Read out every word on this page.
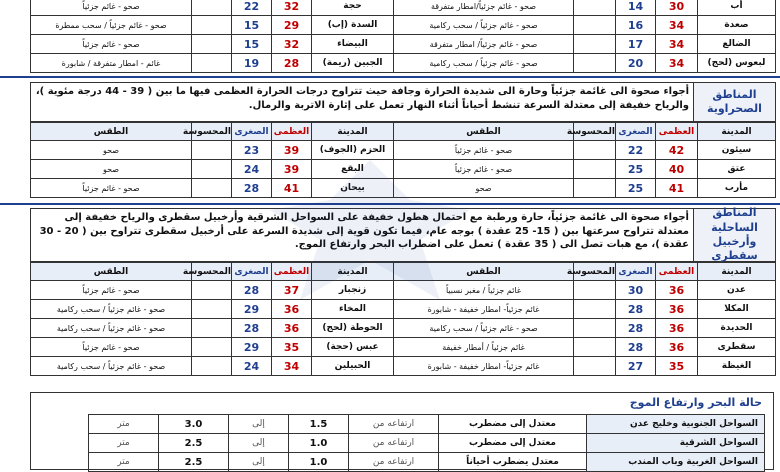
أب	30	14		صحو - غائم جزئياً/امطار متفرقة
صعدة	34	16		صحو - غائم جزئياً / سحب ركامية
الضالع	34	17		صحو - غائم جزئياً/ امطار متفرقة
لبعوس (لحج)	34	20		صحو - غائم جزئياً / سحب ركامية
حجة	32	22		صحو - غائم جزئياً
السدة (إب)	29	15		صحو - غائم جزئياً / سحب ممطرة
البيضاء	32	15		صحو - غائم جزئياً
الجبين (ريمة)	28	19		غائم - امطار متفرقة / شابورة
المناطق الصحراوية
أجواء صحوة الى غائمة جزئياً وحارة الى شديدة الحرارة وجافة حيث تتراوح درجات الحرارة العظمى فيها ما بين ( 39 - 44 درجة مئوية )، والرياح خفيفة إلى معتدلة السرعة تنشط أحياناً أثناء النهار تعمل على إثارة الاتربة والرمال.
المدينة	العظمى	الصغرى	المحسوسة	الطقس
سيئون	42	22		صحو - غائم جزئياً
عتق	40	25		صحو - غائم جزئياً
مأرب	41	25		صحو
المدينة	العظمى	الصغرى	المحسوسة	الطقس
الحزم (الجوف)	39	23		صحو
البقع	39	24		صحو
بيحان	41	28		صحو - غائم جزئياً
المناطق الساحلية وأرخبيل سقطرى
أجواء صحوة الى غائمة جزئياً، حارة ورطبة مع احتمال هطول خفيفة على السواحل الشرقية وأرخبيل سقطرى والرياح خفيفة إلى معتدلة تتراوح سرعتها بين ( 15- 25 عقدة ) بوجه عام، فيما تكون قوية إلى شديدة السرعة على أرخبيل سقطرى تتراوح بين ( 20 - 30 عقدة )، مع هبات تصل الى ( 35 عقدة ) تعمل على اضطراب البحر وارتفاع الموج.
المدينة	العظمى	الصغرى	المحسوسة	الطقس
عدن	36	30		غائم جزئياً / مغبر نسبياً
المكلا	36	28		غائم جزئياً- امطار خفيفة - شابورة
الحديدة	36	28		صحو - غائم جزئياً / سحب ركامية
سقطرى	36	28		غائم جزئياً / أمطار خفيفة
الغيظة	35	27		غائم جزئياً- امطار خفيفة - شابورة
المدينة	العظمى	الصغرى	المحسوسة	الطقس
زنجبار	37	28		صحو - غائم جزئياً
المخاء	36	29		صحو - غائم جزئياً / سحب ركامية
الحوطة (لحج)	36	28		صحو - غائم جزئياً / سحب ركامية
عبس (حجة)	35	29		صحو - غائم جزئياً
الحبيلين	34	24		صحو - غائم جزئياً / سحب ركامية
حالة البحر وارتفاع الموج
السواحل الجنوبية وخليج عدن	معتدل إلى مضطرب	ارتفاعه من	1.5	إلى	3.0	متر
السواحل الشرقية	معتدل إلى مضطرب	ارتفاعه من	1.0	إلى	2.5	متر
السواحل الغربية وباب المندب	معتدل يضطرب أحياناً	ارتفاعه من	1.0	إلى	2.5	متر
